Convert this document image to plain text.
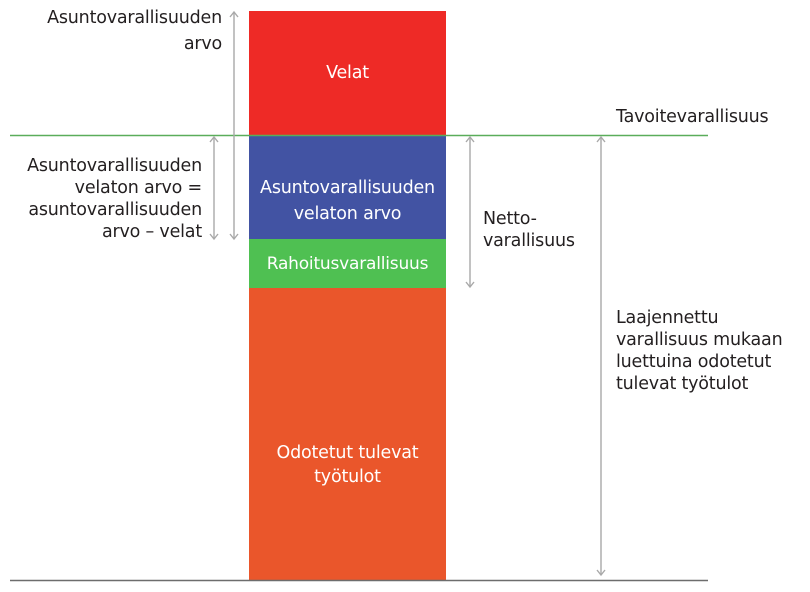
Velat
Asuntovarallisuuden
velaton arvo
Rahoitusvarallisuus
Odotetut tulevat
työtulot
Asuntovarallisuuden
arvo
Asuntovarallisuuden
velaton arvo =
asuntovarallisuuden
arvo – velat
Tavoitevarallisuus
Netto-
varallisuus
Laajennettu
varallisuus mukaan
luettuina odotetut
tulevat työtulot
